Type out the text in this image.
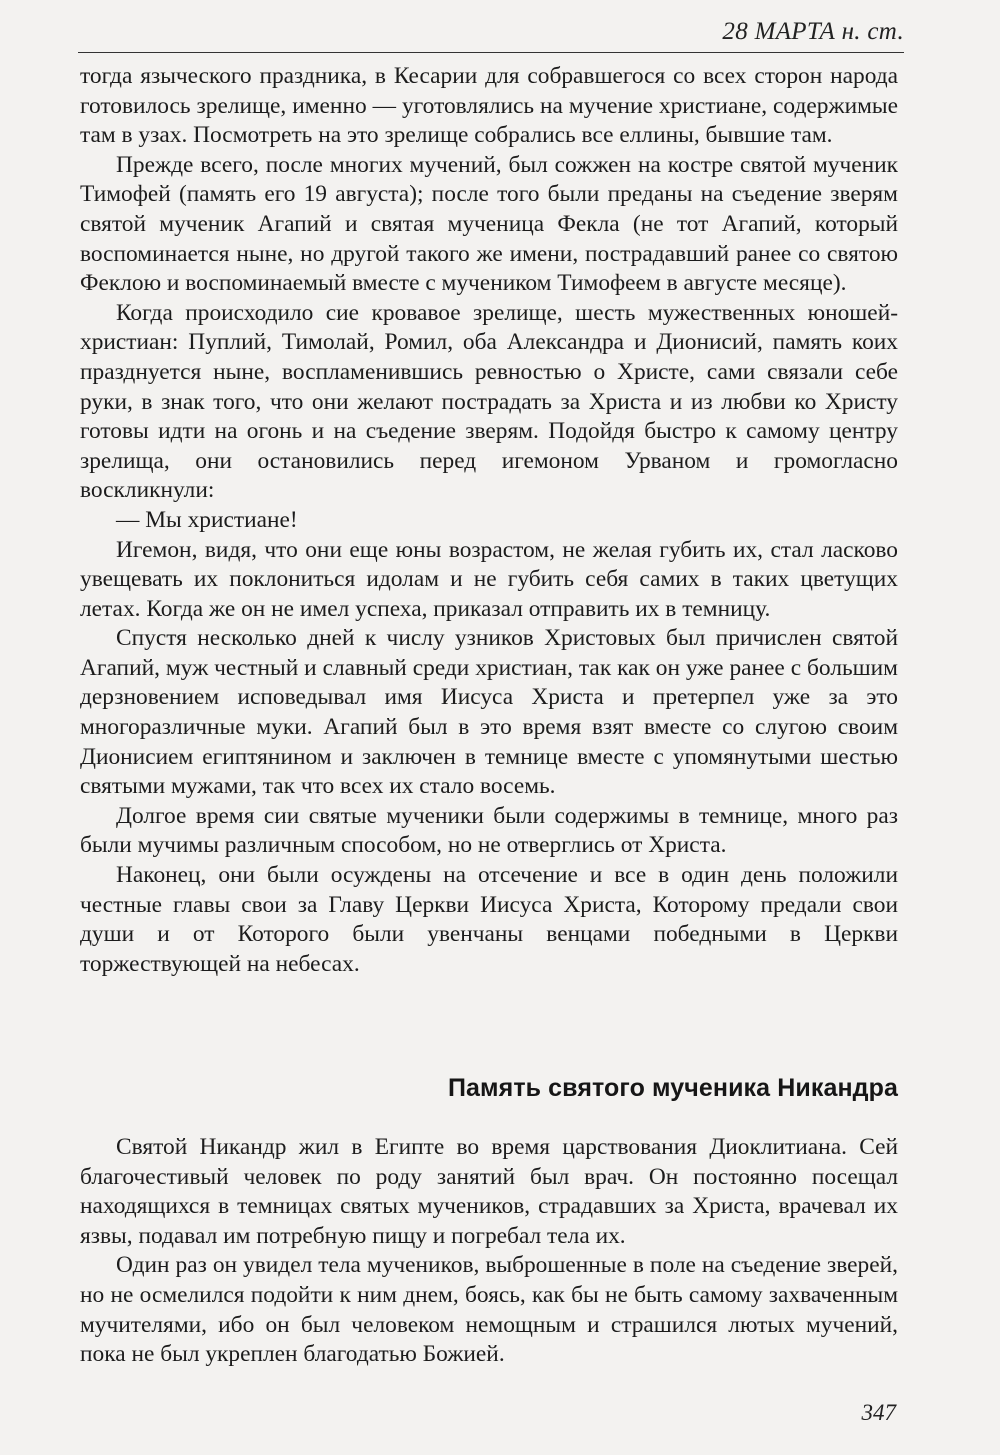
28 МАРТА н. ст.

тогда языческого праздника, в Кесарии для собравшегося со всех сторон народа готовилось зрелище, именно — уготовлялись на мучение христиане, содержимые там в узах. Посмотреть на это зрелище собрались все еллины, бывшие там.

Прежде всего, после многих мучений, был сожжен на костре святой мученик Тимофей (память его 19 августа); после того были преданы на съедение зверям святой мученик Агапий и святая мученица Фекла (не тот Агапий, который воспоминается ныне, но другой такого же имени, пострадавший ранее со святою Феклою и воспоминаемый вместе с мучеником Тимофеем в августе месяце).

Когда происходило сие кровавое зрелище, шесть мужественных юношей-христиан: Пуплий, Тимолай, Ромил, оба Александра и Дионисий, память коих празднуется ныне, воспламенившись ревностью о Христе, сами связали себе руки, в знак того, что они желают пострадать за Христа и из любви ко Христу готовы идти на огонь и на съедение зверям. Подойдя быстро к самому центру зрелища, они остановились перед игемоном Урваном и громогласно воскликнули:

— Мы христиане!

Игемон, видя, что они еще юны возрастом, не желая губить их, стал ласково увещевать их поклониться идолам и не губить себя самих в таких цветущих летах. Когда же он не имел успеха, приказал отправить их в темницу.

Спустя несколько дней к числу узников Христовых был причислен святой Агапий, муж честный и славный среди христиан, так как он уже ранее с большим дерзновением исповедывал имя Иисуса Христа и претерпел уже за это многоразличные муки. Агапий был в это время взят вместе со слугою своим Дионисием египтянином и заключен в темнице вместе с упомянутыми шестью святыми мужами, так что всех их стало восемь.

Долгое время сии святые мученики были содержимы в темнице, много раз были мучимы различным способом, но не отверглись от Христа.

Наконец, они были осуждены на отсечение и все в один день положили честные главы свои за Главу Церкви Иисуса Христа, Которому предали свои души и от Которого были увенчаны венцами победными в Церкви торжествующей на небесах.

Память святого мученика Никандра

Святой Никандр жил в Египте во время царствования Диоклитиана. Сей благочестивый человек по роду занятий был врач. Он постоянно посещал находящихся в темницах святых мучеников, страдавших за Христа, врачевал их язвы, подавал им потребную пищу и погребал тела их.

Один раз он увидел тела мучеников, выброшенные в поле на съедение зверей, но не осмелился подойти к ним днем, боясь, как бы не быть самому захваченным мучителями, ибо он был человеком немощным и страшился лютых мучений, пока не был укреплен благодатью Божией.

347
